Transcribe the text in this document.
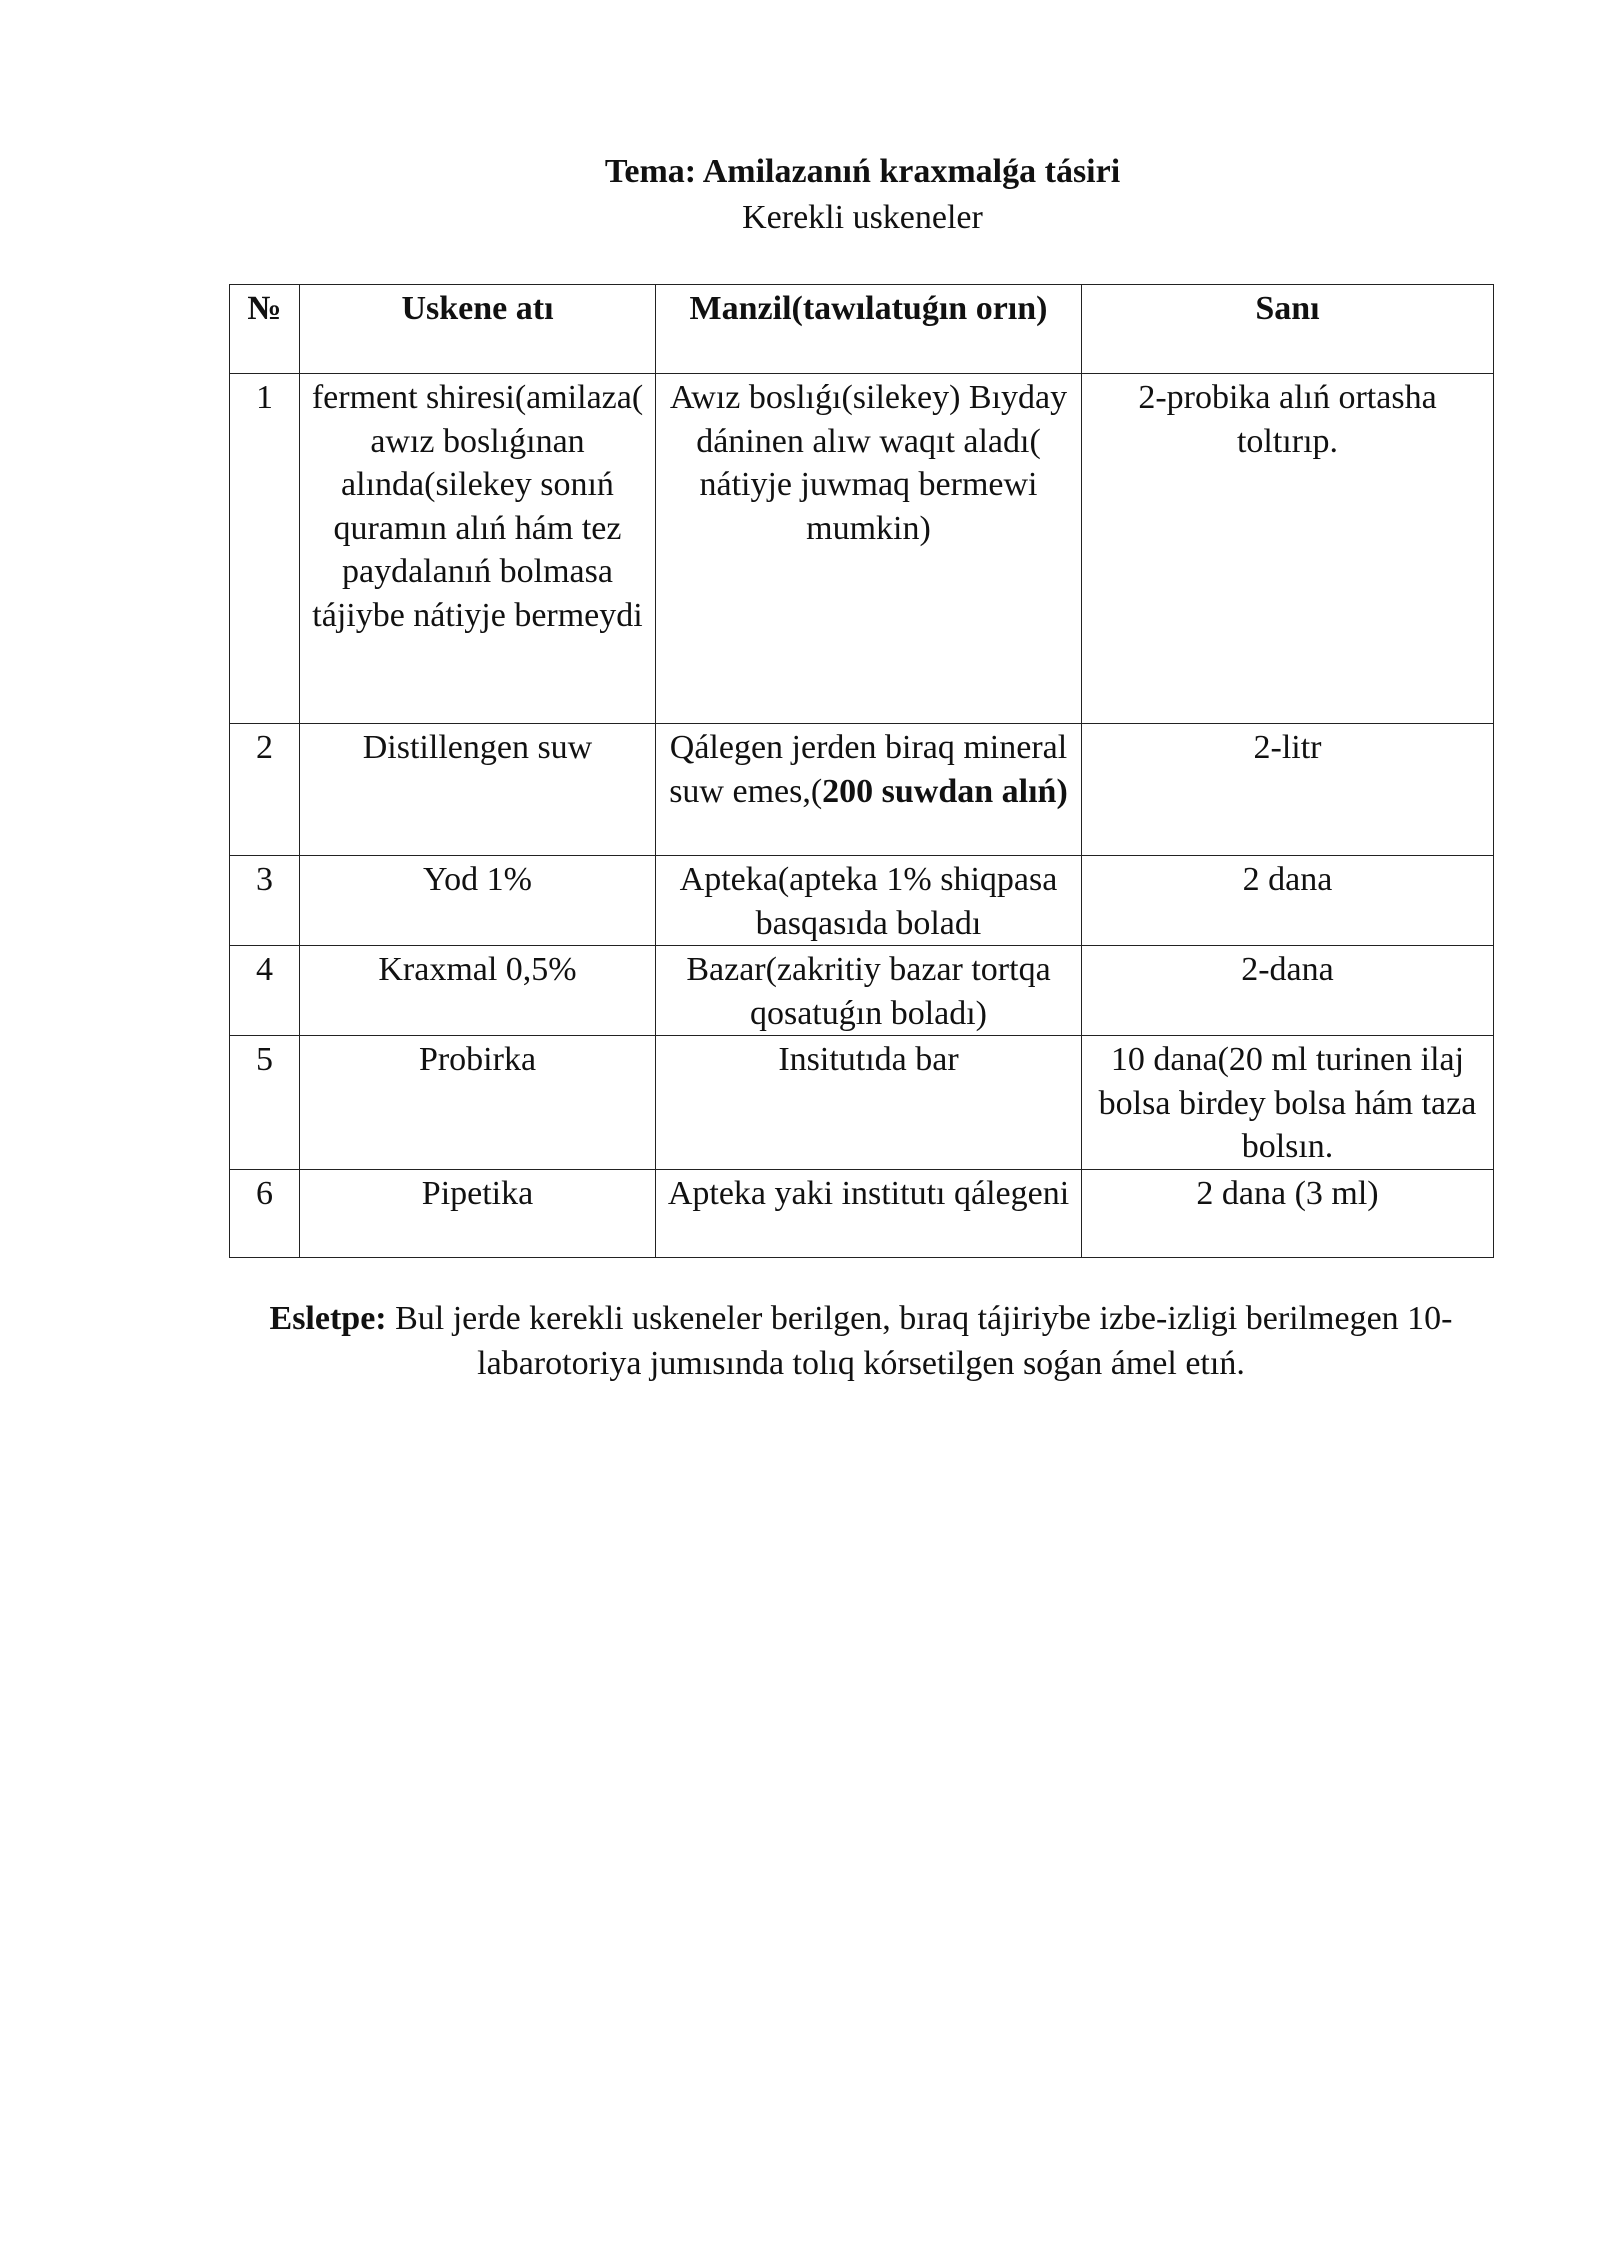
Tema: Amilazanıń kraxmalǵa tásiri
Kerekli uskeneler
№	Uskene atı	Manzil(tawılatuǵın orın)	Sanı
1	ferment shiresi(amilaza( awız boslıǵınan alında(silekey sonıń quramın alıń hám tez paydalanıń bolmasa tájiybe nátiyje bermeydi	Awız boslıǵı(silekey) Bıyday dáninen alıw waqıt aladı( nátiyje juwmaq bermewi mumkin)	2-probika alıń ortasha toltırıp.
2	Distillengen suw	Qálegen jerden biraq mineral suw emes,(200 suwdan alıń)	2-litr
3	Yod 1%	Apteka(apteka 1% shiqpasa basqasıda boladı	2 dana
4	Kraxmal 0,5%	Bazar(zakritiy bazar tortqa qosatuǵın boladı)	2-dana
5	Probirka	Insitutıda bar	10 dana(20 ml turinen ilaj bolsa birdey bolsa hám taza bolsın.
6	Pipetika	Apteka yaki institutı qálegeni	2 dana (3 ml)
Esletpe: Bul jerde kerekli uskeneler berilgen, bıraq tájiriybe izbe-izligi berilmegen 10-labarotoriya jumısında tolıq kórsetilgen soǵan ámel etıń.
